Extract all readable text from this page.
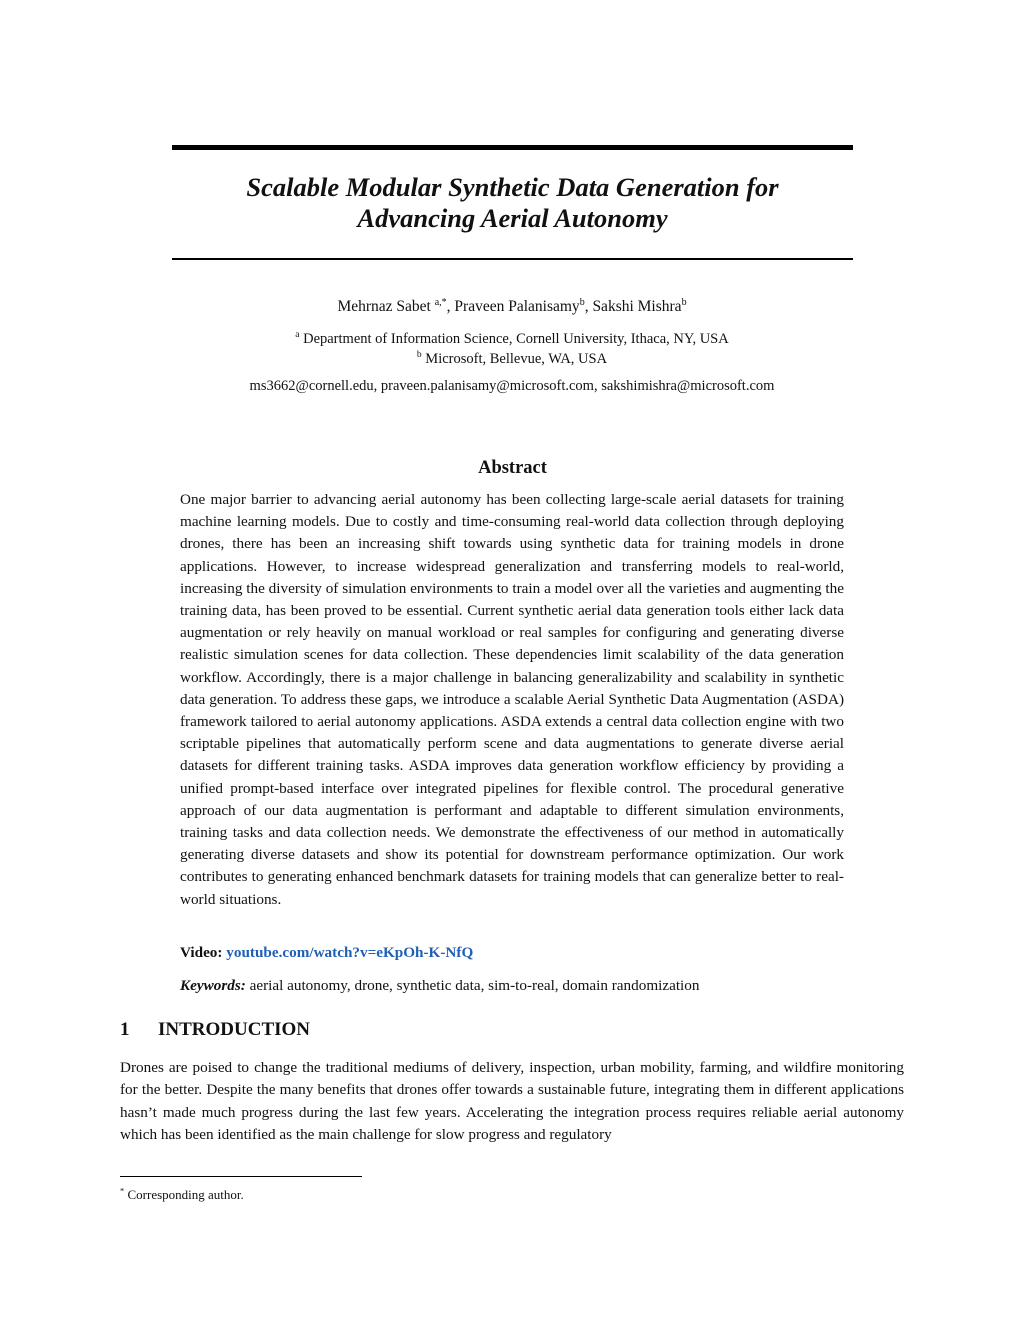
Scalable Modular Synthetic Data Generation for
Advancing Aerial Autonomy
Mehrnaz Sabet $^{a,*}$, Praveen Palanisamy$^b$, Sakshi Mishra$^b$
$^a$ Department of Information Science, Cornell University, Ithaca, NY, USA
$^b$ Microsoft, Bellevue, WA, USA
ms3662@cornell.edu, praveen.palanisamy@microsoft.com, sakshimishra@microsoft.com
Abstract

One major barrier to advancing aerial autonomy has been collecting large-scale aerial datasets for training machine learning models. Due to costly and time-consuming real-world data collection through deploying drones, there has been an increasing shift towards using synthetic data for training models in drone applications. However, to increase widespread generalization and transferring models to real-world, increasing the diversity of simulation environments to train a model over all the varieties and augmenting the training data, has been proved to be essential. Current synthetic aerial data generation tools either lack data augmentation or rely heavily on manual workload or real samples for configuring and generating diverse realistic simulation scenes for data collection. These dependencies limit scalability of the data generation workflow. Accordingly, there is a major challenge in balancing generalizability and scalability in synthetic data generation. To address these gaps, we introduce a scalable Aerial Synthetic Data Augmentation (ASDA) framework tailored to aerial autonomy applications. ASDA extends a central data collection engine with two scriptable pipelines that automatically perform scene and data augmentations to generate diverse aerial datasets for different training tasks. ASDA improves data generation workflow efficiency by providing a unified prompt-based interface over integrated pipelines for flexible control. The procedural generative approach of our data augmentation is performant and adaptable to different simulation environments, training tasks and data collection needs. We demonstrate the effectiveness of our method in automatically generating diverse datasets and show its potential for downstream performance optimization. Our work contributes to generating enhanced benchmark datasets for training models that can generalize better to real-world situations.

Video: youtube.com/watch?v=eKpOh-K-NfQ
Keywords: aerial autonomy, drone, synthetic data, sim-to-real, domain randomization
1 INTRODUCTION

Drones are poised to change the traditional mediums of delivery, inspection, urban mobility, farming, and wildfire monitoring for the better. Despite the many benefits that drones offer towards a sustainable future, integrating them in different applications hasn’t made much progress during the last few years. Accelerating the integration process requires reliable aerial autonomy which has been identified as the main challenge for slow progress and regulatory

* Corresponding author.
